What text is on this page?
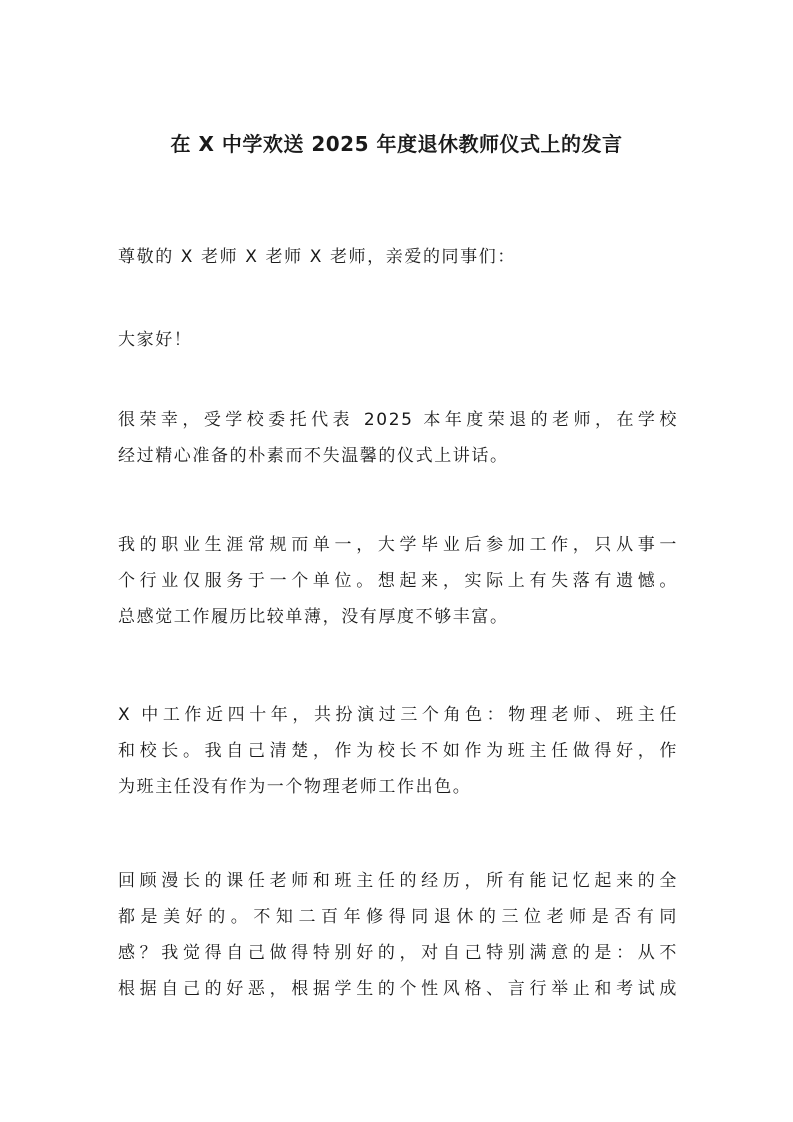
在 X 中学欢送 2025 年度退休教师仪式上的发言
尊敬的 X 老师 X 老师 X 老师，亲爱的同事们：
大家好！
很荣幸，受学校委托代表 2025 本年度荣退的老师，在学校
经过精心准备的朴素而不失温馨的仪式上讲话。
我的职业生涯常规而单一，大学毕业后参加工作，只从事一
个行业仅服务于一个单位。想起来，实际上有失落有遗憾。
总感觉工作履历比较单薄，没有厚度不够丰富。
X 中工作近四十年，共扮演过三个角色：物理老师、班主任
和校长。我自己清楚，作为校长不如作为班主任做得好，作
为班主任没有作为一个物理老师工作出色。
回顾漫长的课任老师和班主任的经历，所有能记忆起来的全
都是美好的。不知二百年修得同退休的三位老师是否有同
感？我觉得自己做得特别好的，对自己特别满意的是：从不
根据自己的好恶，根据学生的个性风格、言行举止和考试成
